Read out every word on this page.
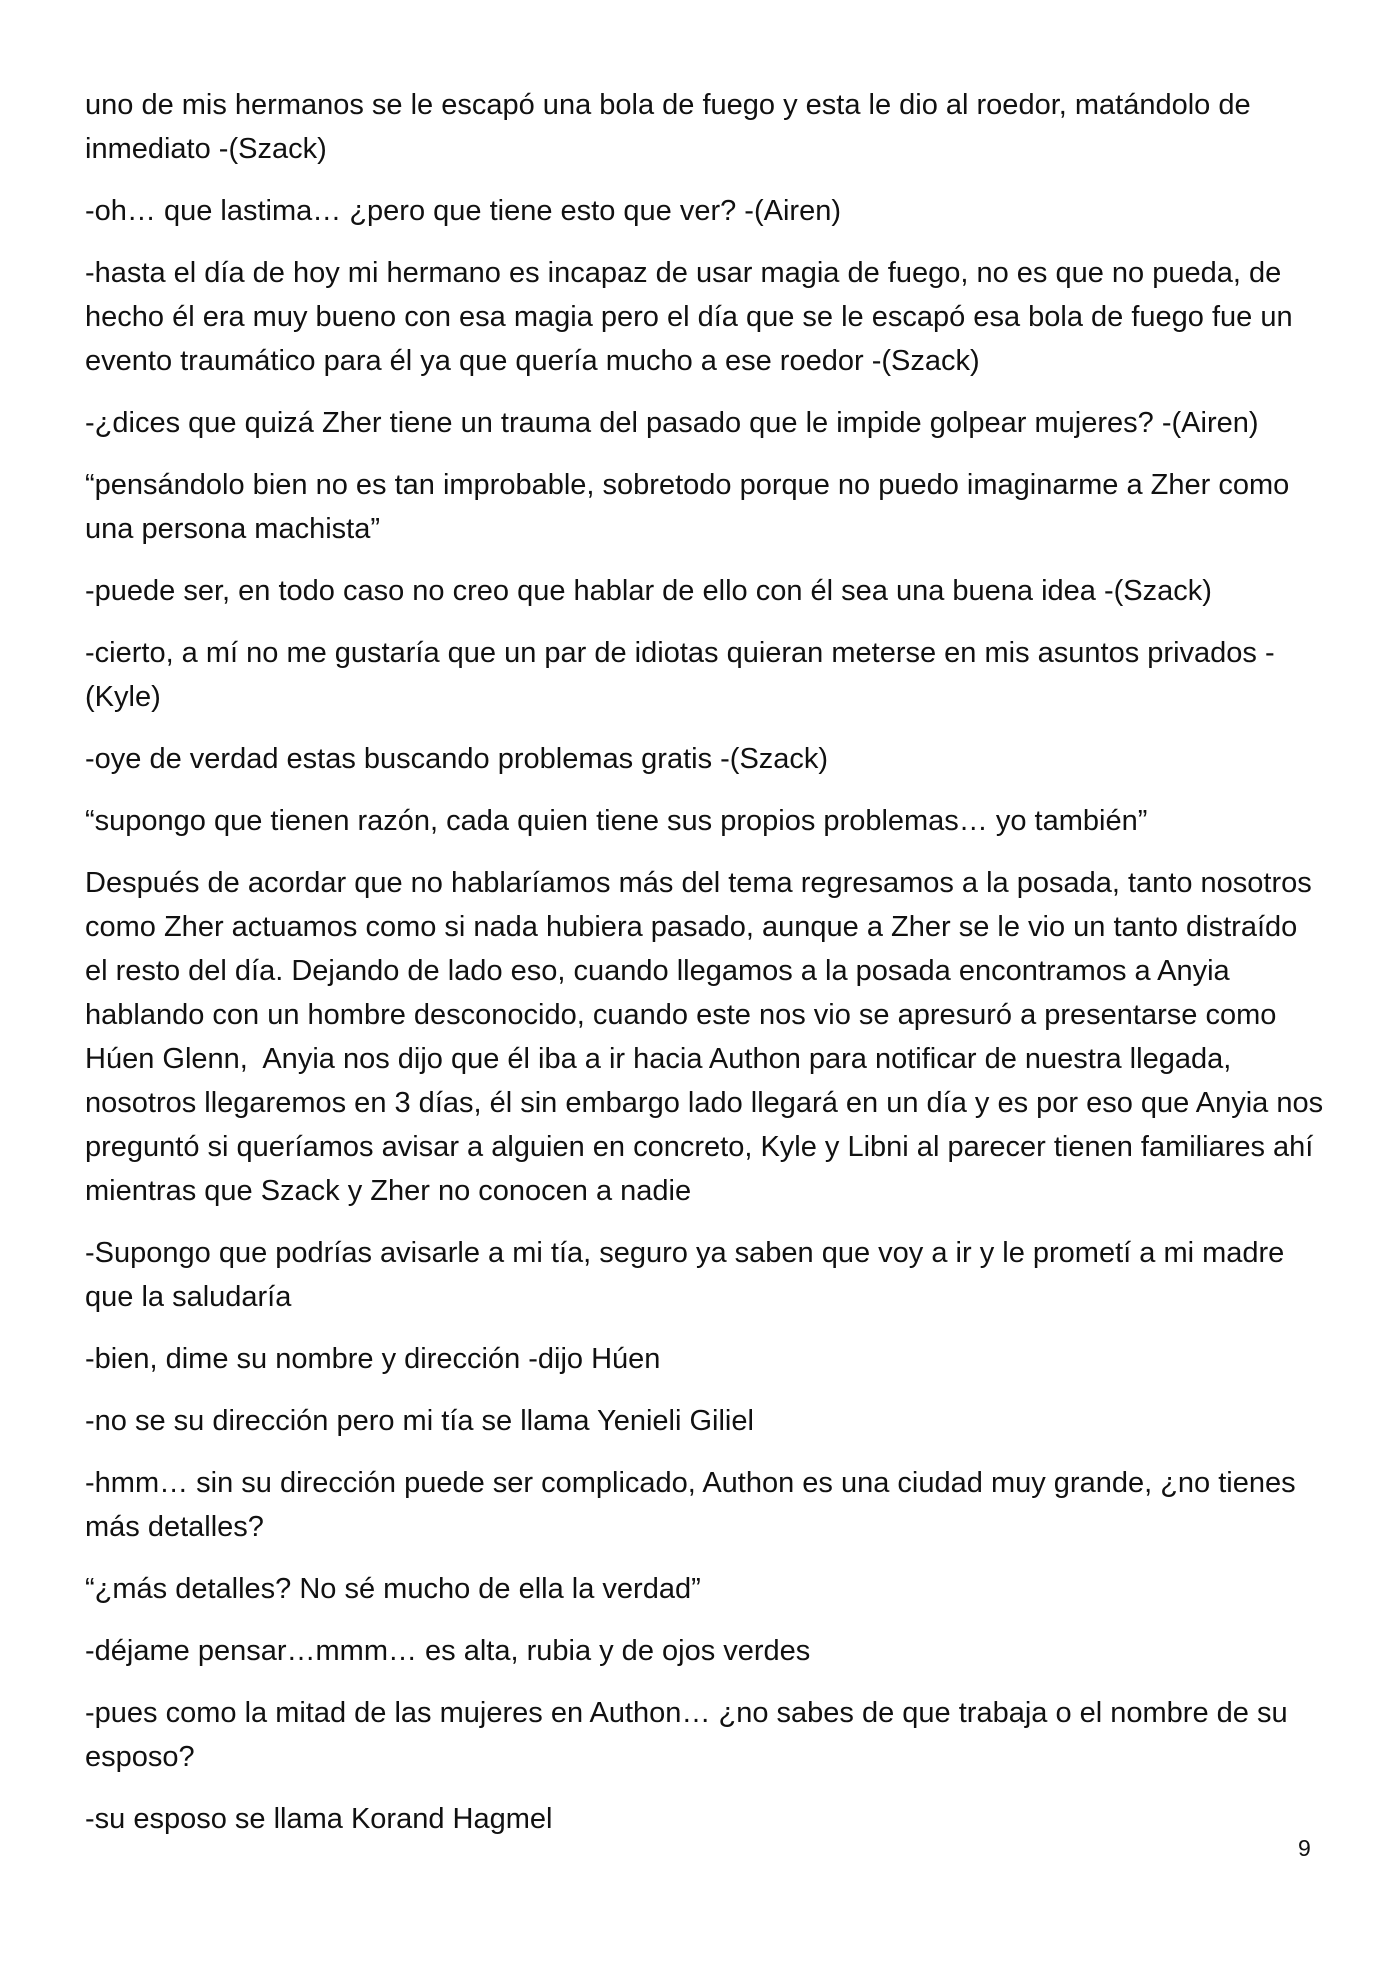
uno de mis hermanos se le escapó una bola de fuego y esta le dio al roedor, matándolo de inmediato -(Szack)

-oh… que lastima… ¿pero que tiene esto que ver? -(Airen)

-hasta el día de hoy mi hermano es incapaz de usar magia de fuego, no es que no pueda, de hecho él era muy bueno con esa magia pero el día que se le escapó esa bola de fuego fue un evento traumático para él ya que quería mucho a ese roedor -(Szack)

-¿dices que quizá Zher tiene un trauma del pasado que le impide golpear mujeres? -(Airen)

“pensándolo bien no es tan improbable, sobretodo porque no puedo imaginarme a Zher como una persona machista”

-puede ser, en todo caso no creo que hablar de ello con él sea una buena idea -(Szack)

-cierto, a mí no me gustaría que un par de idiotas quieran meterse en mis asuntos privados -(Kyle)

-oye de verdad estas buscando problemas gratis -(Szack)

“supongo que tienen razón, cada quien tiene sus propios problemas… yo también”

Después de acordar que no hablaríamos más del tema regresamos a la posada, tanto nosotros como Zher actuamos como si nada hubiera pasado, aunque a Zher se le vio un tanto distraído el resto del día. Dejando de lado eso, cuando llegamos a la posada encontramos a Anyia hablando con un hombre desconocido, cuando este nos vio se apresuró a presentarse como Húen Glenn,  Anyia nos dijo que él iba a ir hacia Authon para notificar de nuestra llegada, nosotros llegaremos en 3 días, él sin embargo lado llegará en un día y es por eso que Anyia nos preguntó si queríamos avisar a alguien en concreto, Kyle y Libni al parecer tienen familiares ahí mientras que Szack y Zher no conocen a nadie

-Supongo que podrías avisarle a mi tía, seguro ya saben que voy a ir y le prometí a mi madre que la saludaría

-bien, dime su nombre y dirección -dijo Húen

-no se su dirección pero mi tía se llama Yenieli Giliel

-hmm… sin su dirección puede ser complicado, Authon es una ciudad muy grande, ¿no tienes más detalles?

“¿más detalles? No sé mucho de ella la verdad”

-déjame pensar…mmm… es alta, rubia y de ojos verdes

-pues como la mitad de las mujeres en Authon… ¿no sabes de que trabaja o el nombre de su esposo?

-su esposo se llama Korand Hagmel

9
